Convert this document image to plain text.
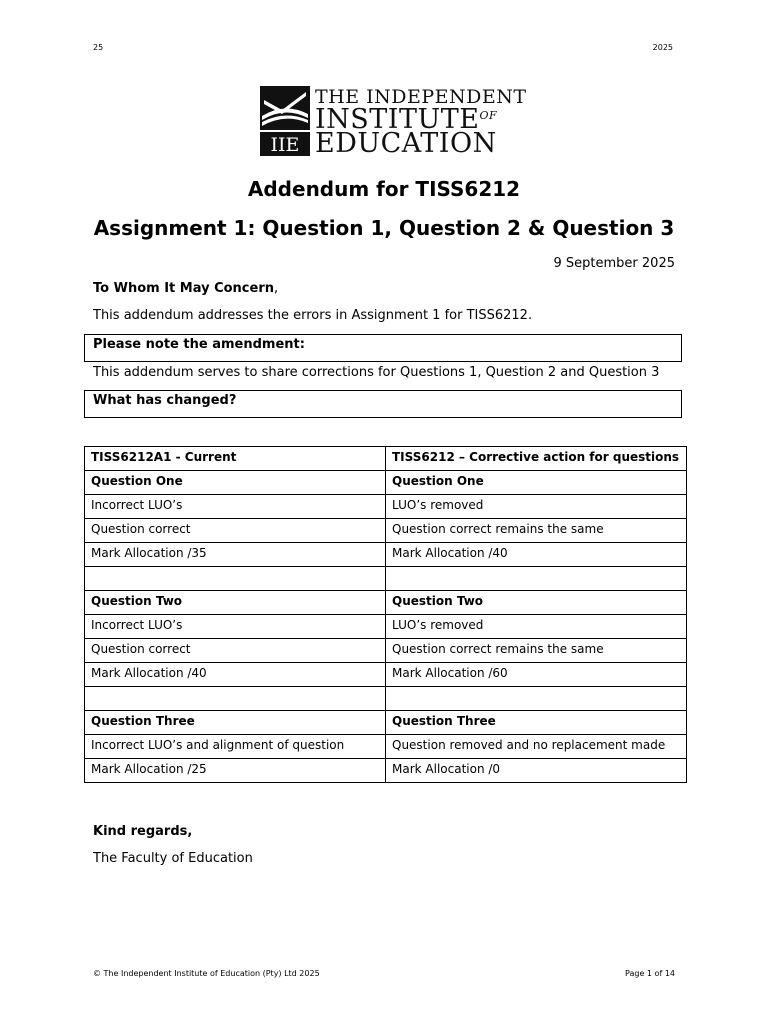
25	2025
IIE
THE INDEPENDENT
$INSTITUTE^{OF}$
EDUCATION
Addendum for TISS6212
Assignment 1: Question 1, Question 2 & Question 3
9 September 2025
To Whom It May Concern,
This addendum addresses the errors in Assignment 1 for TISS6212.
Please note the amendment:
This addendum serves to share corrections for Questions 1, Question 2 and Question 3
What has changed?
TISS6212A1 - Current	TISS6212 – Corrective action for questions
Question One	Question One
Incorrect LUO’s	LUO’s removed
Question correct	Question correct remains the same
Mark Allocation /35	Mark Allocation /40

Question Two	Question Two
Incorrect LUO’s	LUO’s removed
Question correct	Question correct remains the same
Mark Allocation /40	Mark Allocation /60

Question Three	Question Three
Incorrect LUO’s and alignment of question	Question removed and no replacement made
Mark Allocation /25	Mark Allocation /0
Kind regards,
The Faculty of Education
© The Independent Institute of Education (Pty) Ltd 2025	Page 1 of 14
